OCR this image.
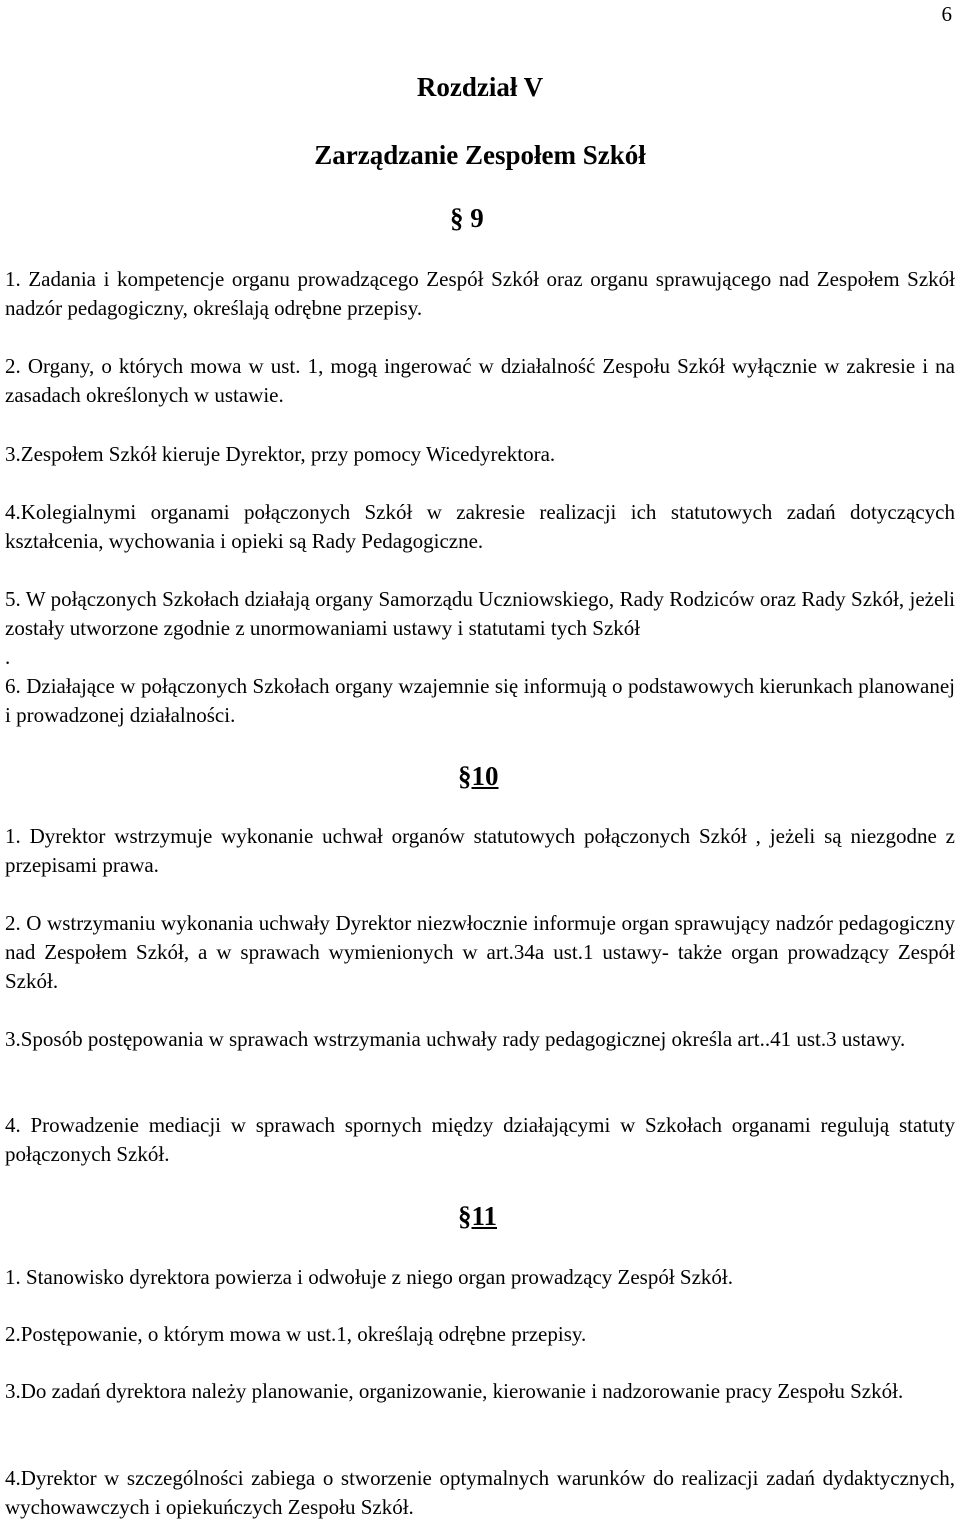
6
Rozdział V
Zarządzanie Zespołem Szkół
§ 9

1. Zadania i kompetencje organu prowadzącego Zespół Szkół oraz organu sprawującego nad Zespołem Szkół nadzór pedagogiczny, określają odrębne przepisy.

2. Organy, o których mowa w ust. 1, mogą ingerować w działalność Zespołu Szkół wyłącznie w zakresie i na zasadach określonych w ustawie.

3.Zespołem Szkół kieruje Dyrektor, przy pomocy Wicedyrektora.

4.Kolegialnymi organami połączonych Szkół w zakresie realizacji ich statutowych zadań dotyczących kształcenia, wychowania i opieki są Rady Pedagogiczne.

5. W połączonych Szkołach działają organy Samorządu Uczniowskiego, Rady Rodziców oraz Rady Szkół, jeżeli zostały utworzone zgodnie z unormowaniami ustawy i statutami tych Szkół

.

6. Działające w połączonych Szkołach organy wzajemnie się informują o podstawowych kierunkach planowanej i prowadzonej działalności.

§10

1. Dyrektor wstrzymuje wykonanie uchwał organów statutowych połączonych Szkół , jeżeli są niezgodne z przepisami prawa.

2. O wstrzymaniu wykonania uchwały Dyrektor niezwłocznie informuje organ sprawujący nadzór pedagogiczny nad Zespołem Szkół, a w sprawach wymienionych w art.34a ust.1 ustawy- także organ prowadzący Zespół Szkół.

3.Sposób postępowania w sprawach wstrzymania uchwały rady pedagogicznej określa art..41 ust.3 ustawy.

4. Prowadzenie mediacji w sprawach spornych między działającymi w Szkołach organami regulują statuty połączonych Szkół.

§11

1. Stanowisko dyrektora powierza i odwołuje z niego organ prowadzący Zespół Szkół.

2.Postępowanie, o którym mowa w ust.1, określają odrębne przepisy.

3.Do zadań dyrektora należy planowanie, organizowanie, kierowanie i nadzorowanie pracy Zespołu Szkół.

4.Dyrektor w szczególności zabiega o stworzenie optymalnych warunków do realizacji zadań dydaktycznych, wychowawczych i opiekuńczych Zespołu Szkół.
